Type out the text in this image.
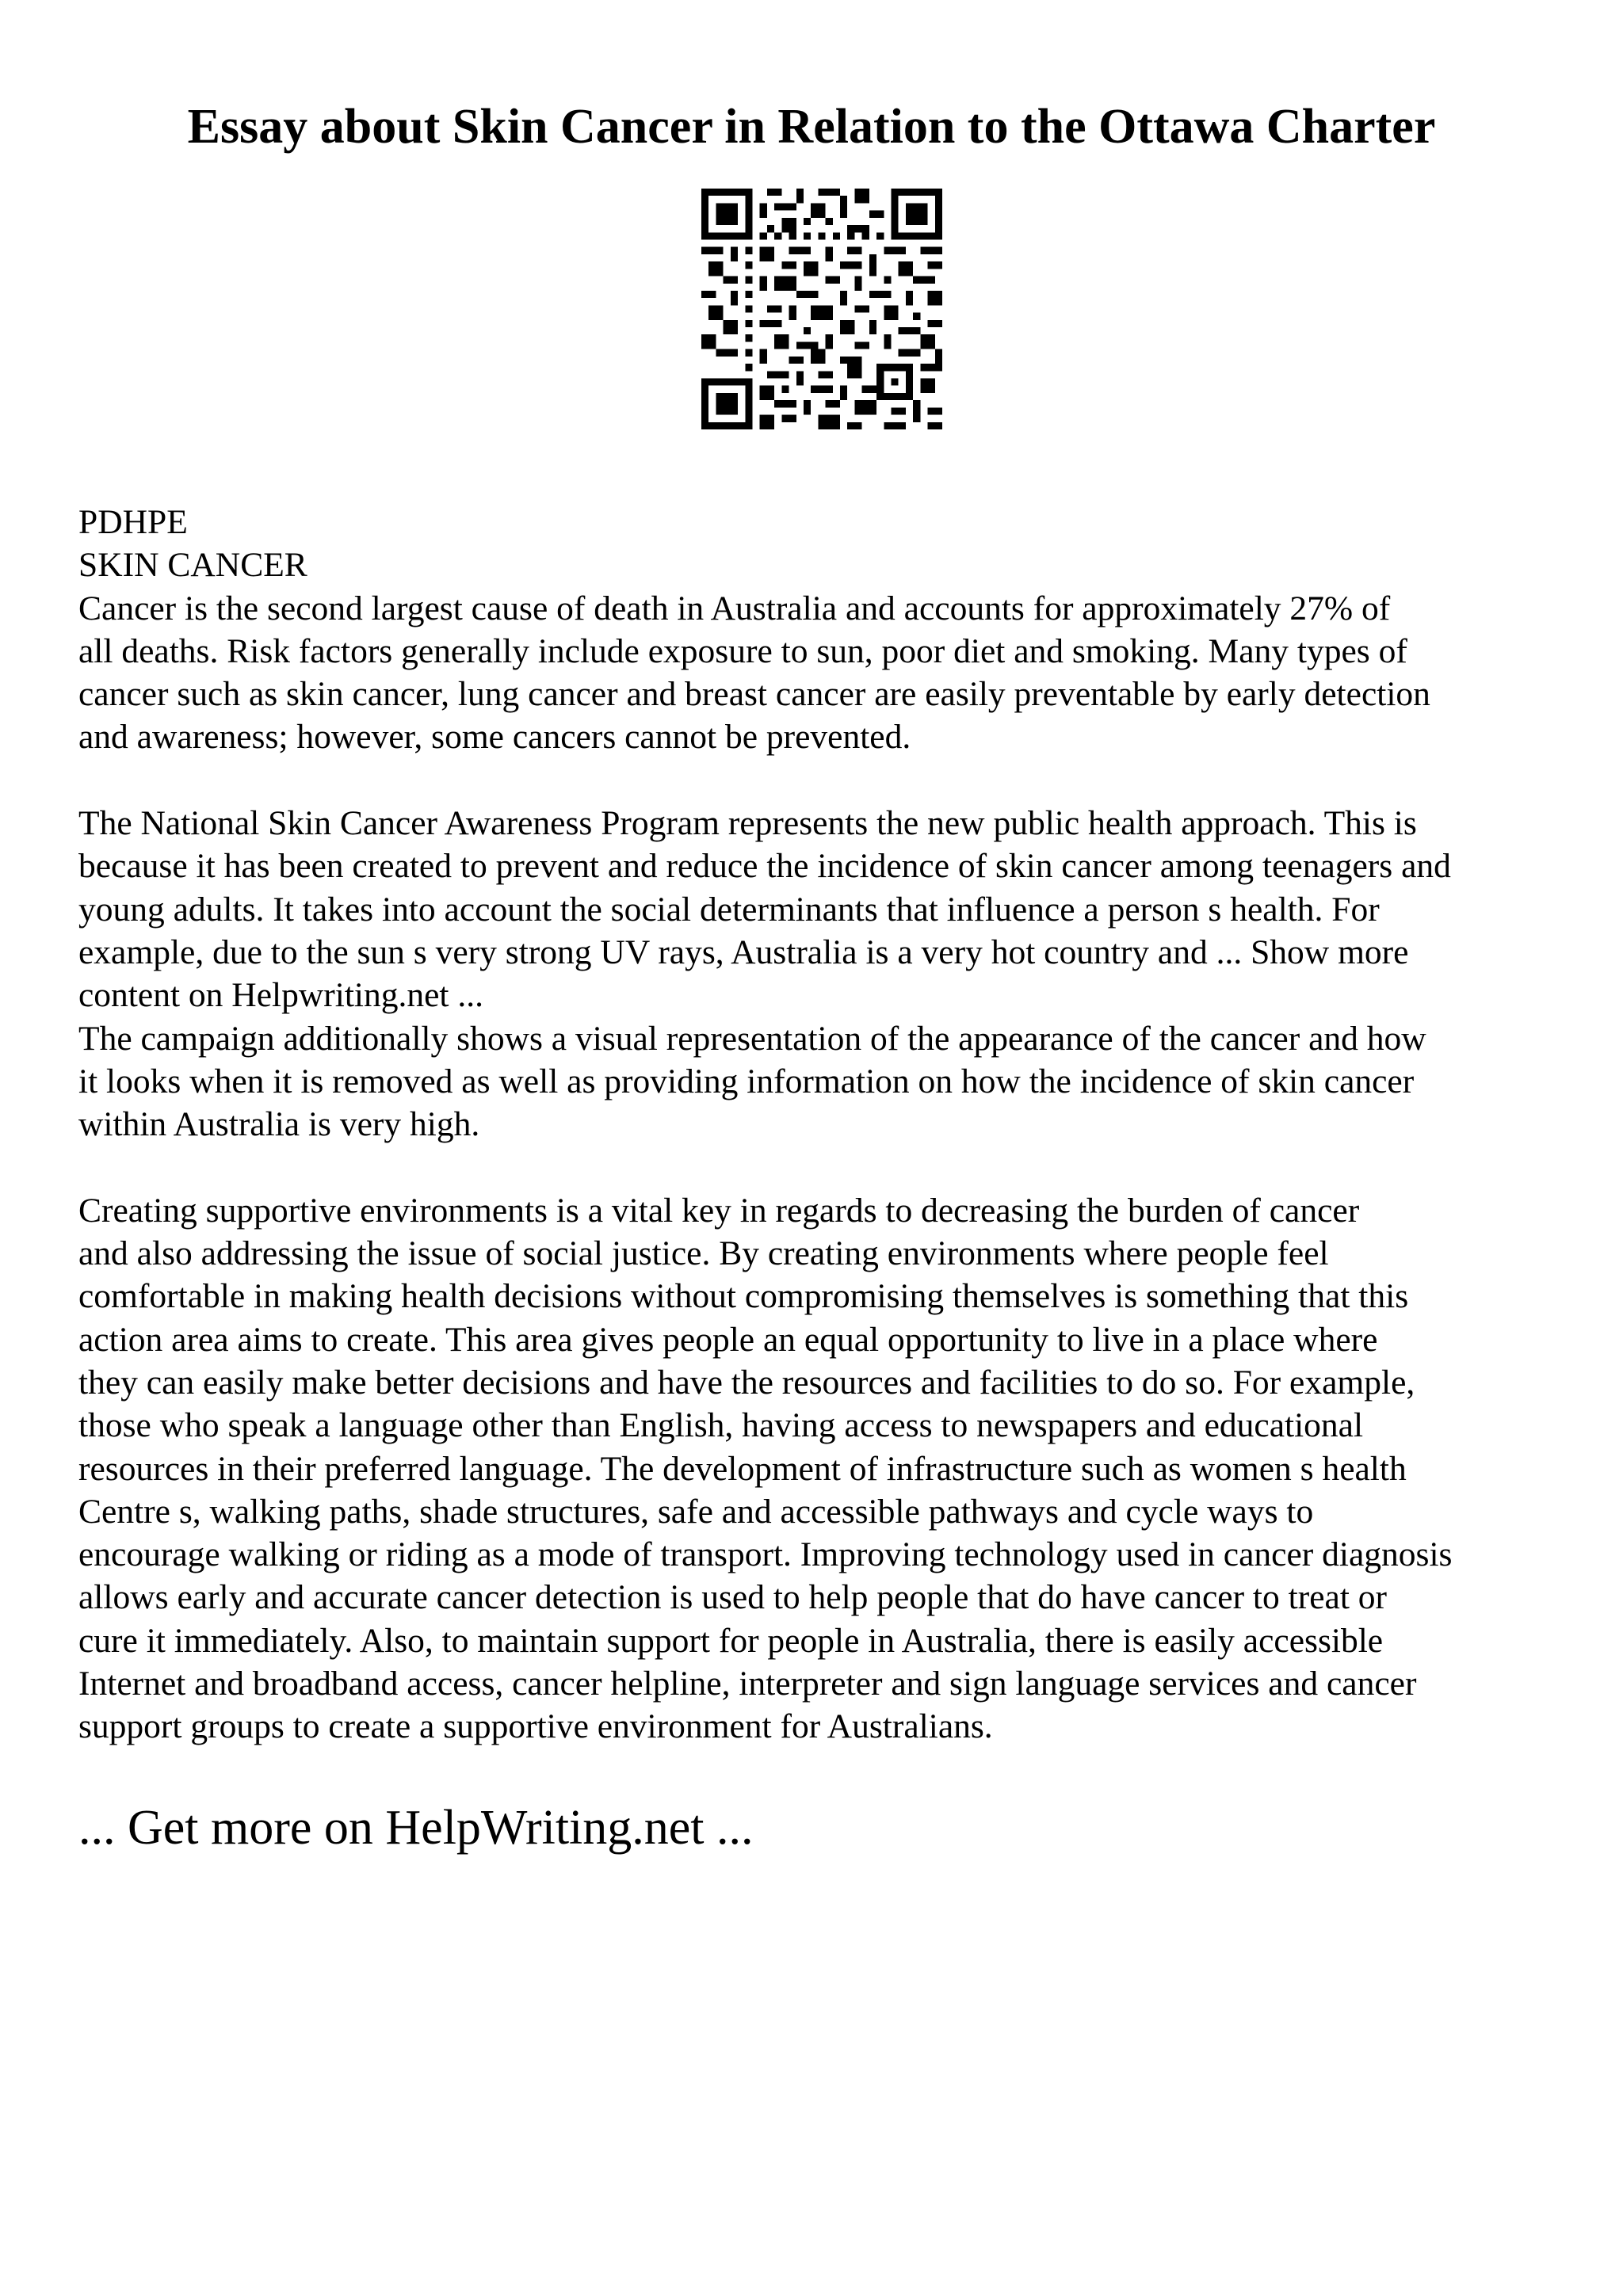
Essay about Skin Cancer in Relation to the Ottawa Charter
PDHPE
SKIN CANCER
Cancer is the second largest cause of death in Australia and accounts for approximately 27% of
all deaths. Risk factors generally include exposure to sun, poor diet and smoking. Many types of
cancer such as skin cancer, lung cancer and breast cancer are easily preventable by early detection
and awareness; however, some cancers cannot be prevented.
The National Skin Cancer Awareness Program represents the new public health approach. This is
because it has been created to prevent and reduce the incidence of skin cancer among teenagers and
young adults. It takes into account the social determinants that influence a person s health. For
example, due to the sun s very strong UV rays, Australia is a very hot country and ... Show more
content on Helpwriting.net ...
The campaign additionally shows a visual representation of the appearance of the cancer and how
it looks when it is removed as well as providing information on how the incidence of skin cancer
within Australia is very high.
Creating supportive environments is a vital key in regards to decreasing the burden of cancer
and also addressing the issue of social justice. By creating environments where people feel
comfortable in making health decisions without compromising themselves is something that this
action area aims to create. This area gives people an equal opportunity to live in a place where
they can easily make better decisions and have the resources and facilities to do so. For example,
those who speak a language other than English, having access to newspapers and educational
resources in their preferred language. The development of infrastructure such as women s health
Centre s, walking paths, shade structures, safe and accessible pathways and cycle ways to
encourage walking or riding as a mode of transport. Improving technology used in cancer diagnosis
allows early and accurate cancer detection is used to help people that do have cancer to treat or
cure it immediately. Also, to maintain support for people in Australia, there is easily accessible
Internet and broadband access, cancer helpline, interpreter and sign language services and cancer
support groups to create a supportive environment for Australians.
... Get more on HelpWriting.net ...
